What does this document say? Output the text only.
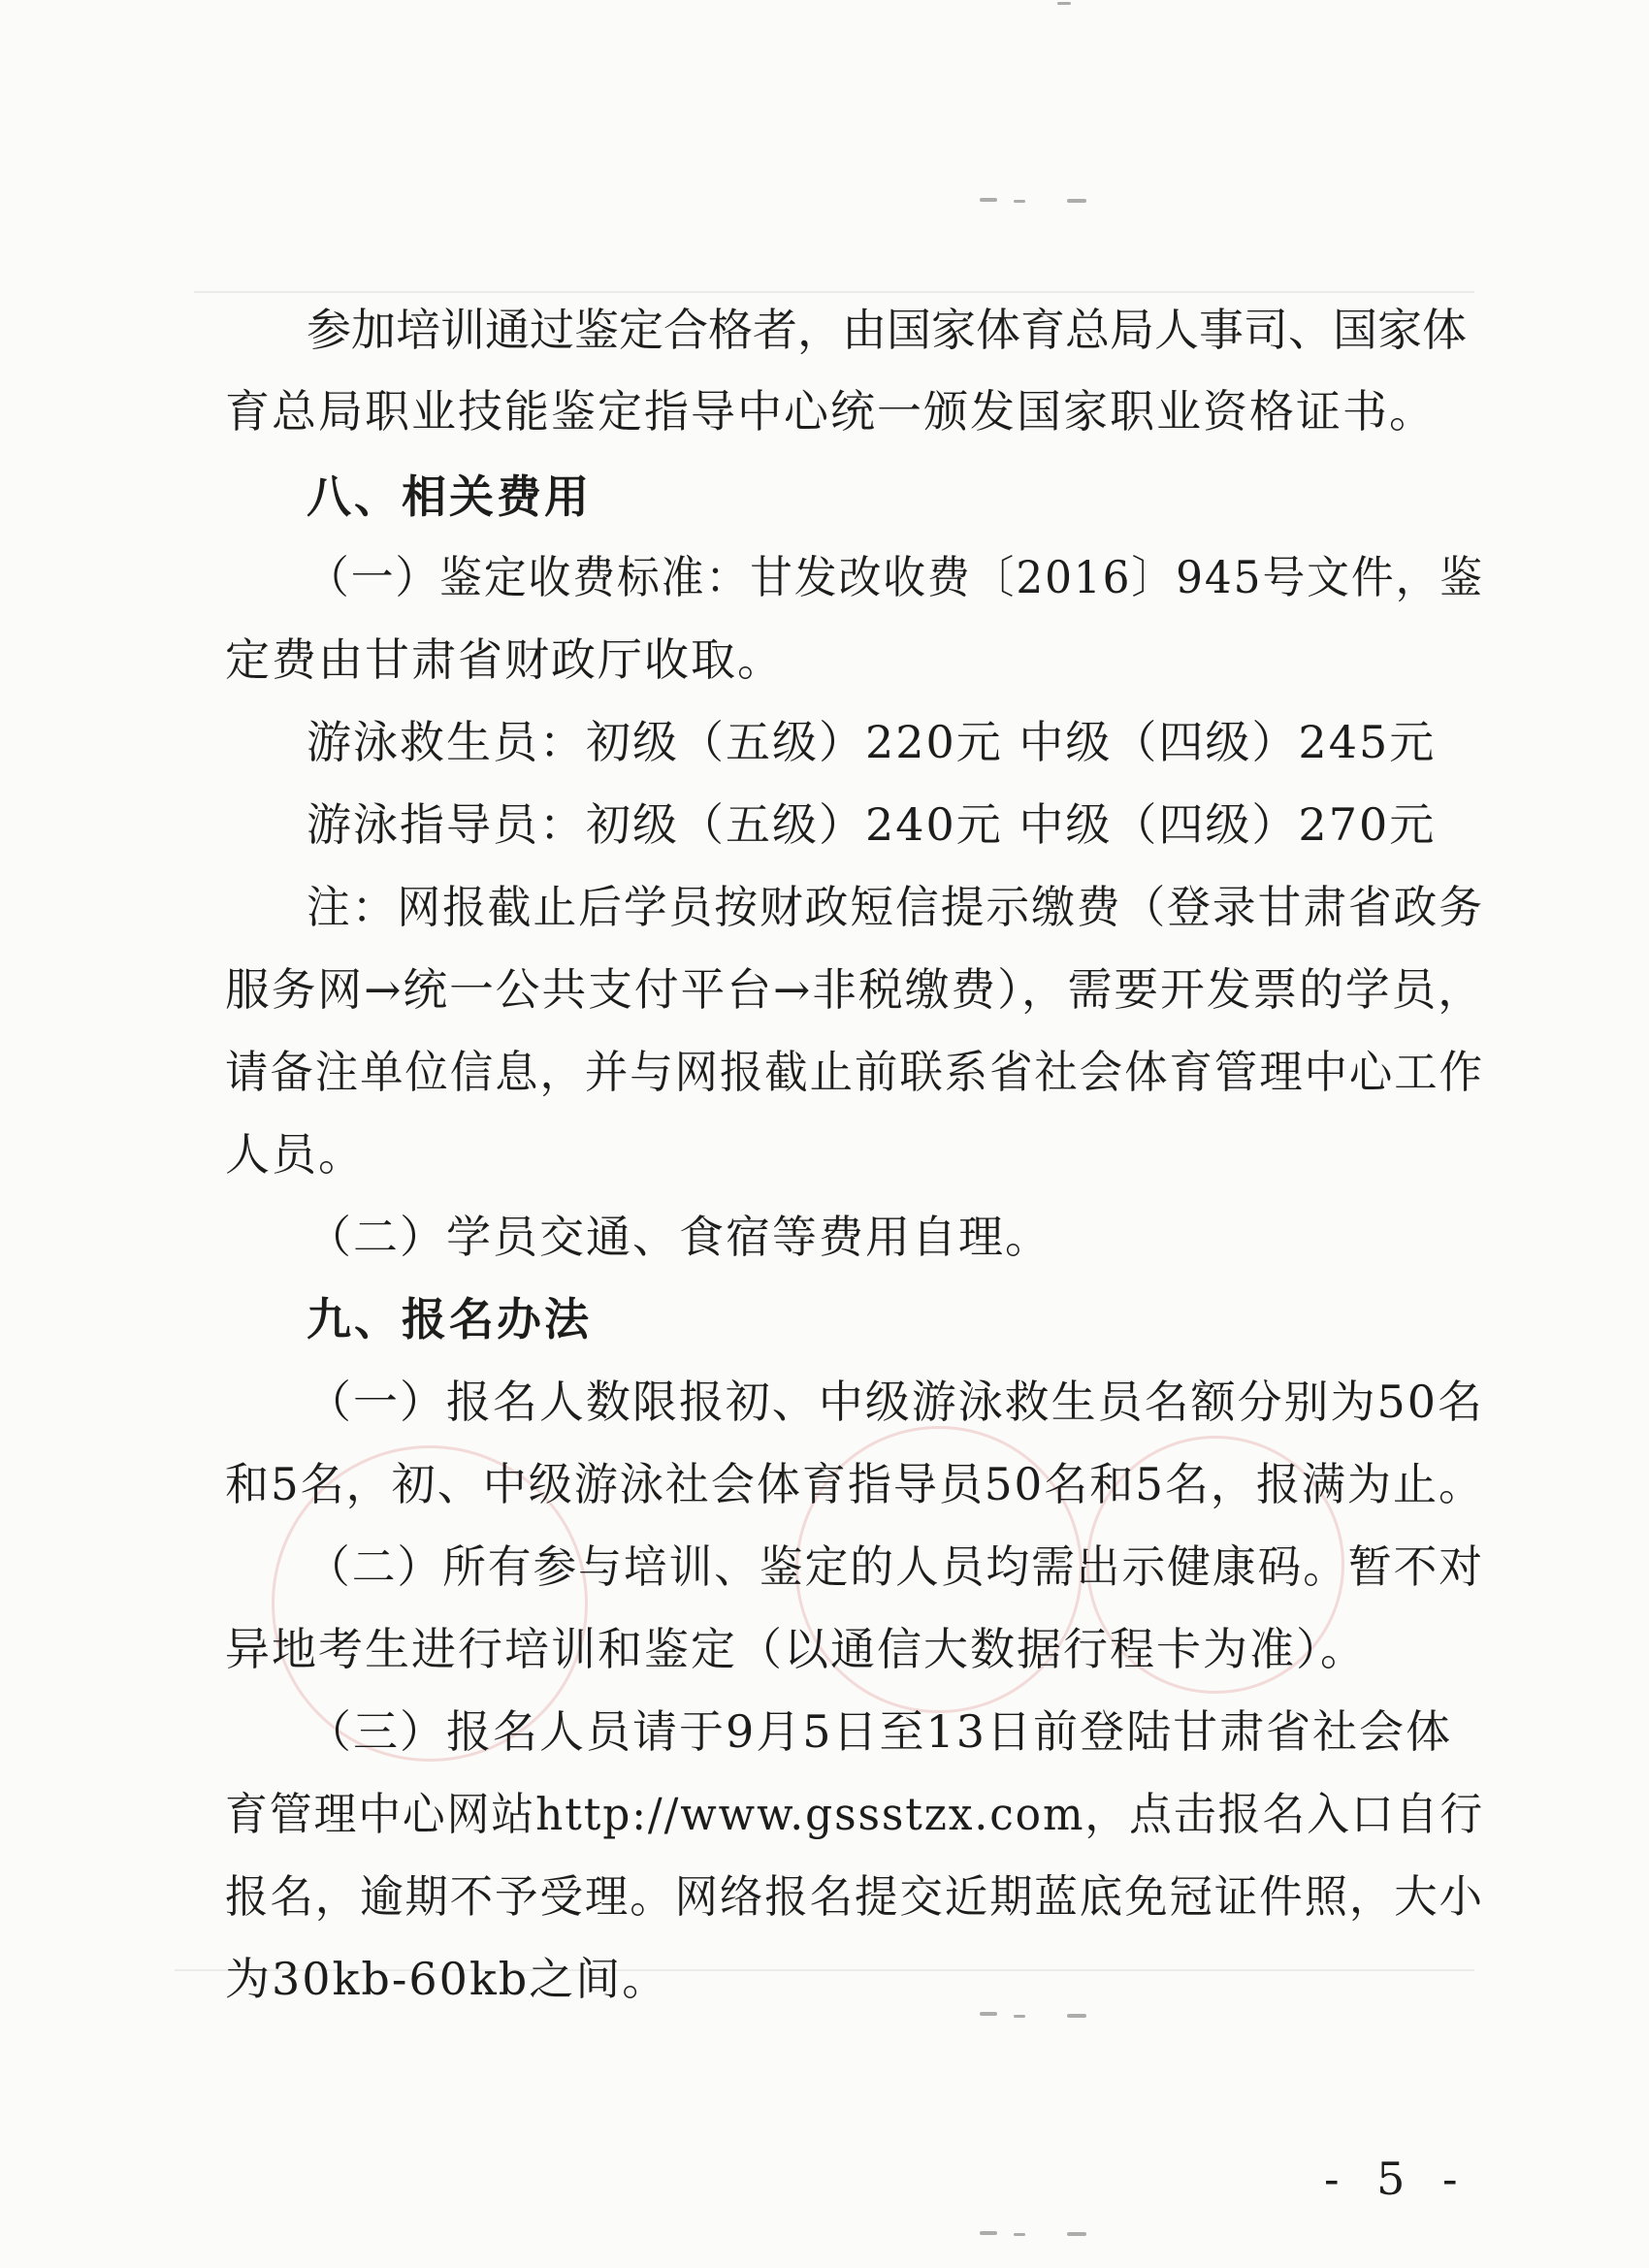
参加培训通过鉴定合格者，由国家体育总局人事司、国家体
育总局职业技能鉴定指导中心统一颁发国家职业资格证书。
八、相关费用
（一）鉴定收费标准：甘发改收费〔2016〕945号文件，鉴
定费由甘肃省财政厅收取。
游泳救生员：初级（五级）220元 中级（四级）245元
游泳指导员：初级（五级）240元 中级（四级）270元
注：网报截止后学员按财政短信提示缴费（登录甘肃省政务
服务网→统一公共支付平台→非税缴费），需要开发票的学员，
请备注单位信息，并与网报截止前联系省社会体育管理中心工作
人员。
（二）学员交通、食宿等费用自理。
九、报名办法
（一）报名人数限报初、中级游泳救生员名额分别为50名
和5名，初、中级游泳社会体育指导员50名和5名，报满为止。
（二）所有参与培训、鉴定的人员均需出示健康码。暂不对
异地考生进行培训和鉴定（以通信大数据行程卡为准）。
（三）报名人员请于9月5日至13日前登陆甘肃省社会体
育管理中心网站http://www.gssstzx.com，点击报名入口自行
报名，逾期不予受理。网络报名提交近期蓝底免冠证件照，大小
为30kb-60kb之间。
- 5 -
